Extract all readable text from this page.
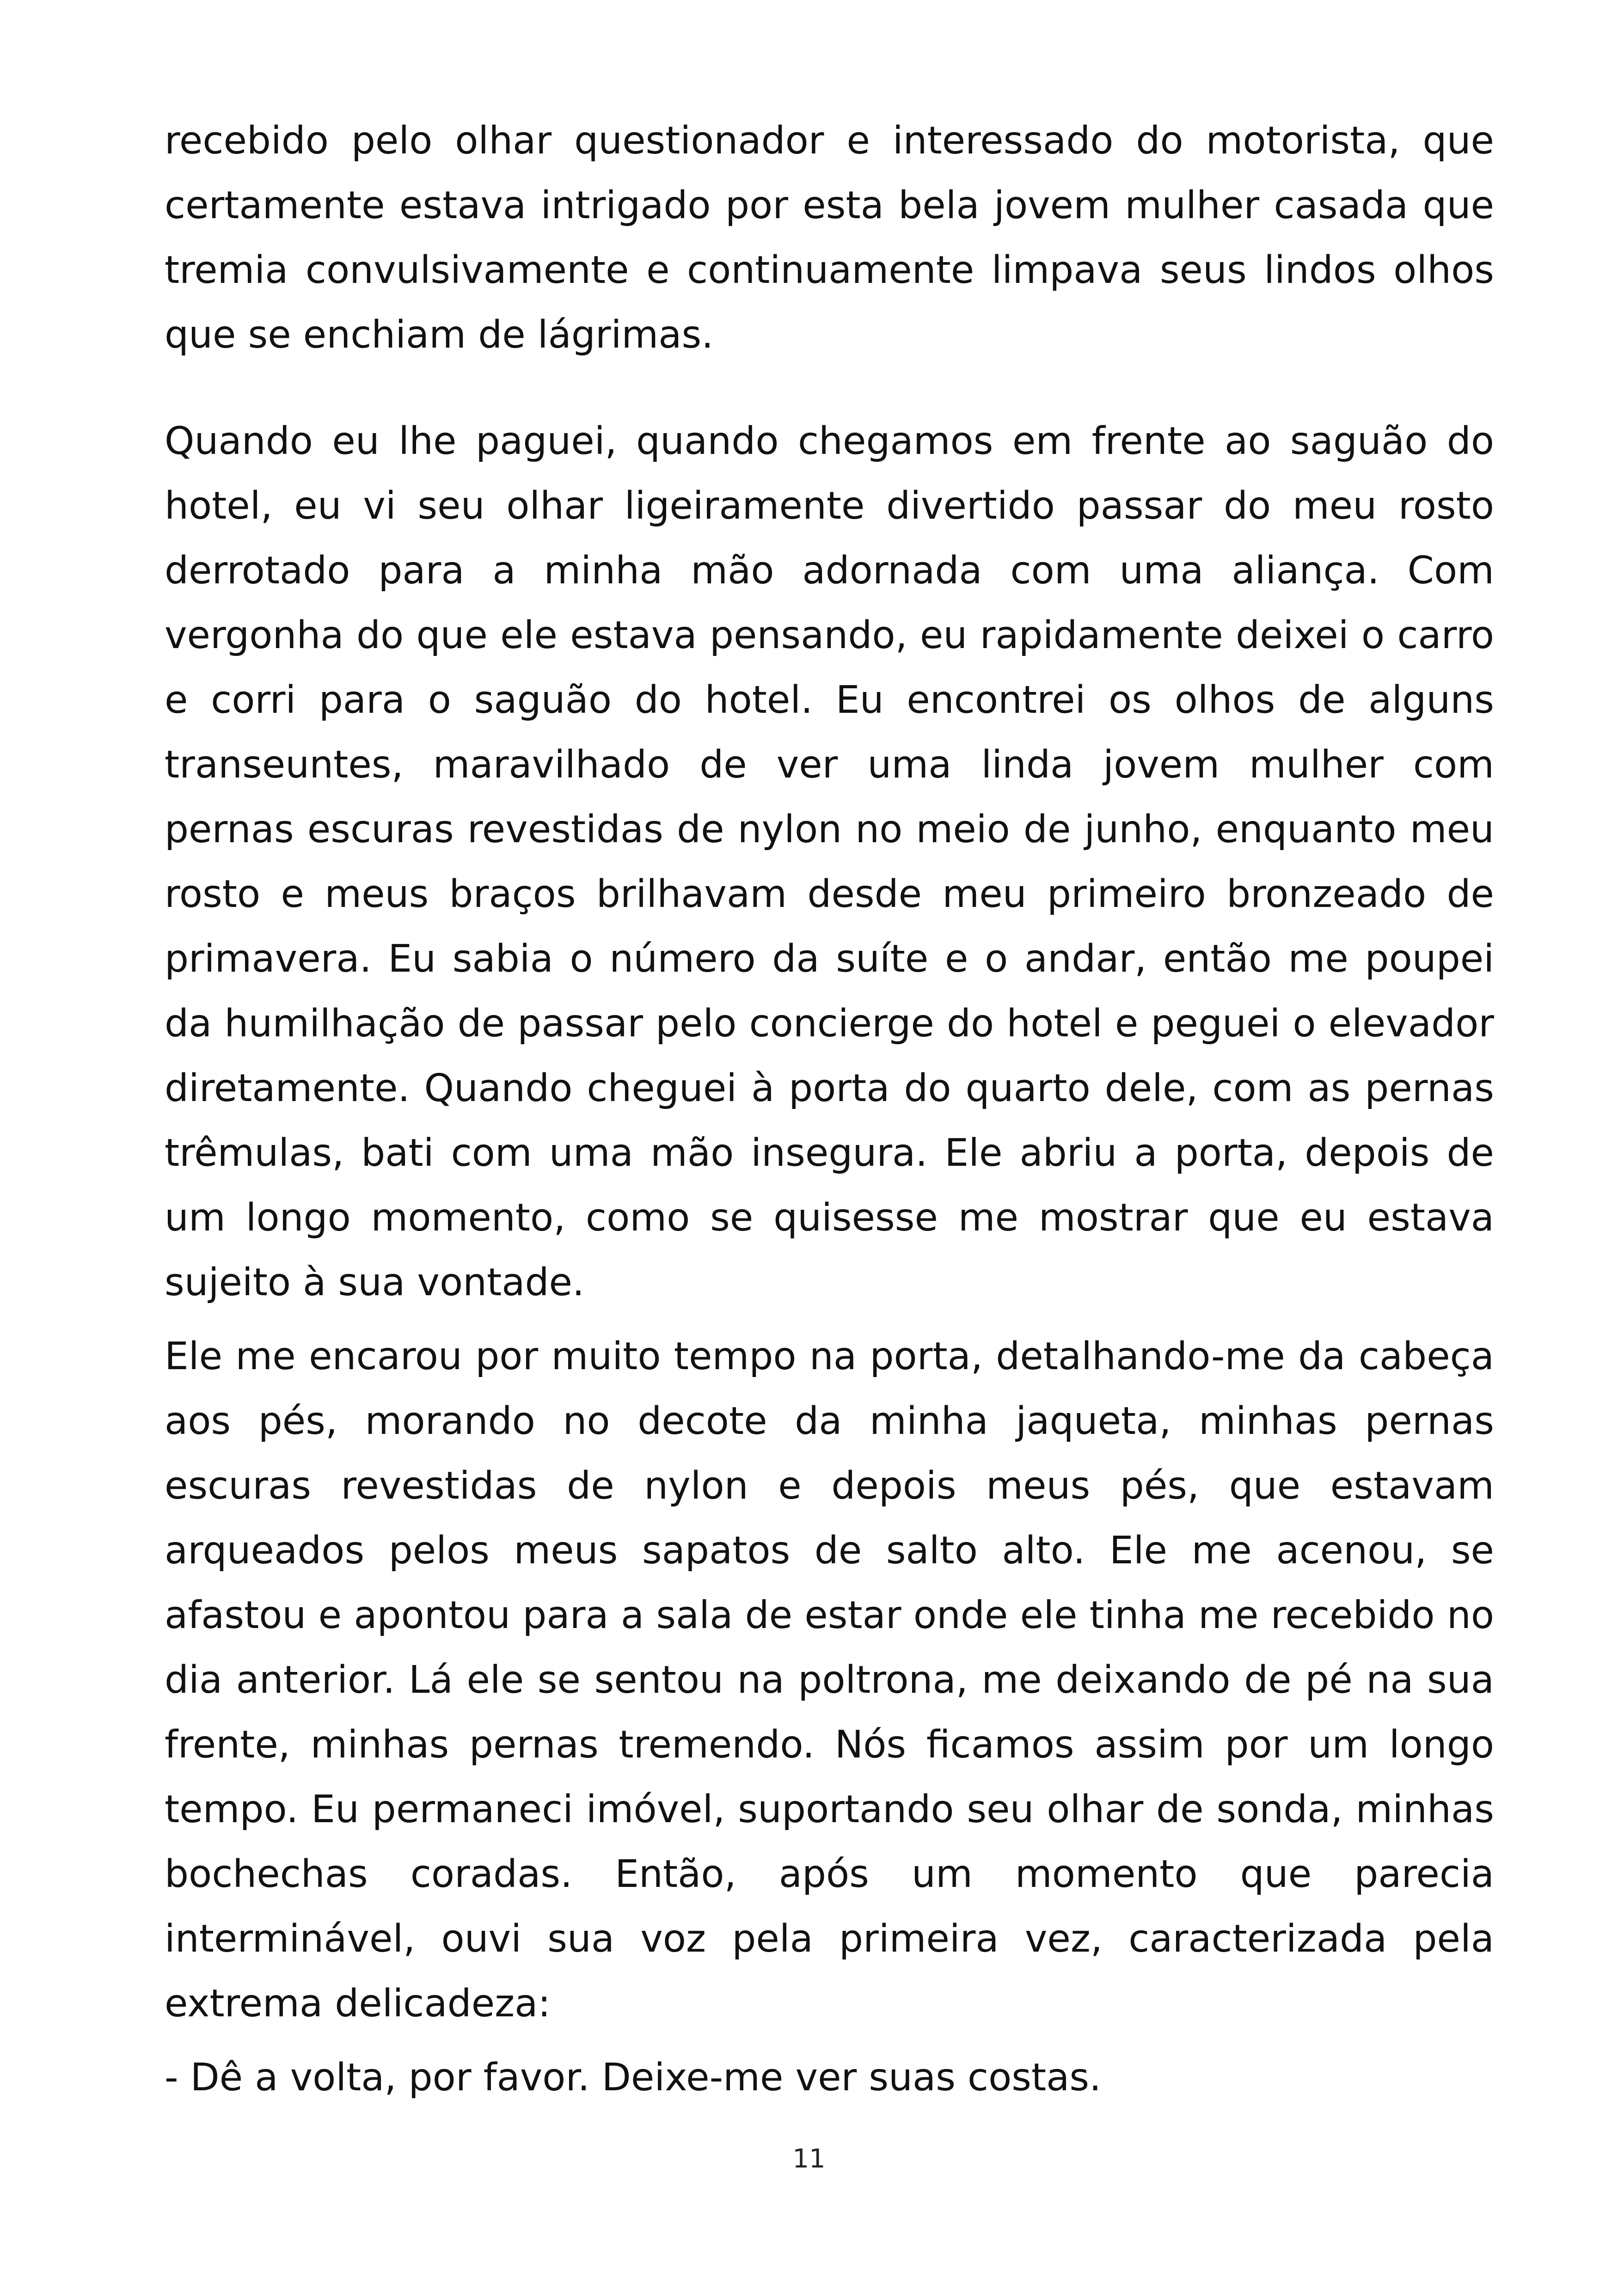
recebido pelo olhar questionador e interessado do motorista, que certamente estava intrigado por esta bela jovem mulher casada que tremia convulsivamente e continuamente limpava seus lindos olhos que se enchiam de lágrimas.

Quando eu lhe paguei, quando chegamos em frente ao saguão do hotel, eu vi seu olhar ligeiramente divertido passar do meu rosto derrotado para a minha mão adornada com uma aliança. Com vergonha do que ele estava pensando, eu rapidamente deixei o carro e corri para o saguão do hotel. Eu encontrei os olhos de alguns transeuntes, maravilhado de ver uma linda jovem mulher com pernas escuras revestidas de nylon no meio de junho, enquanto meu rosto e meus braços brilhavam desde meu primeiro bronzeado de primavera. Eu sabia o número da suíte e o andar, então me poupei da humilhação de passar pelo concierge do hotel e peguei o elevador diretamente. Quando cheguei à porta do quarto dele, com as pernas trêmulas, bati com uma mão insegura. Ele abriu a porta, depois de um longo momento, como se quisesse me mostrar que eu estava sujeito à sua vontade.

Ele me encarou por muito tempo na porta, detalhando-me da cabeça aos pés, morando no decote da minha jaqueta, minhas pernas escuras revestidas de nylon e depois meus pés, que estavam arqueados pelos meus sapatos de salto alto. Ele me acenou, se afastou e apontou para a sala de estar onde ele tinha me recebido no dia anterior. Lá ele se sentou na poltrona, me deixando de pé na sua frente, minhas pernas tremendo. Nós ficamos assim por um longo tempo. Eu permaneci imóvel, suportando seu olhar de sonda, minhas bochechas coradas. Então, após um momento que parecia interminável, ouvi sua voz pela primeira vez, caracterizada pela extrema delicadeza:

- Dê a volta, por favor. Deixe-me ver suas costas.

11
